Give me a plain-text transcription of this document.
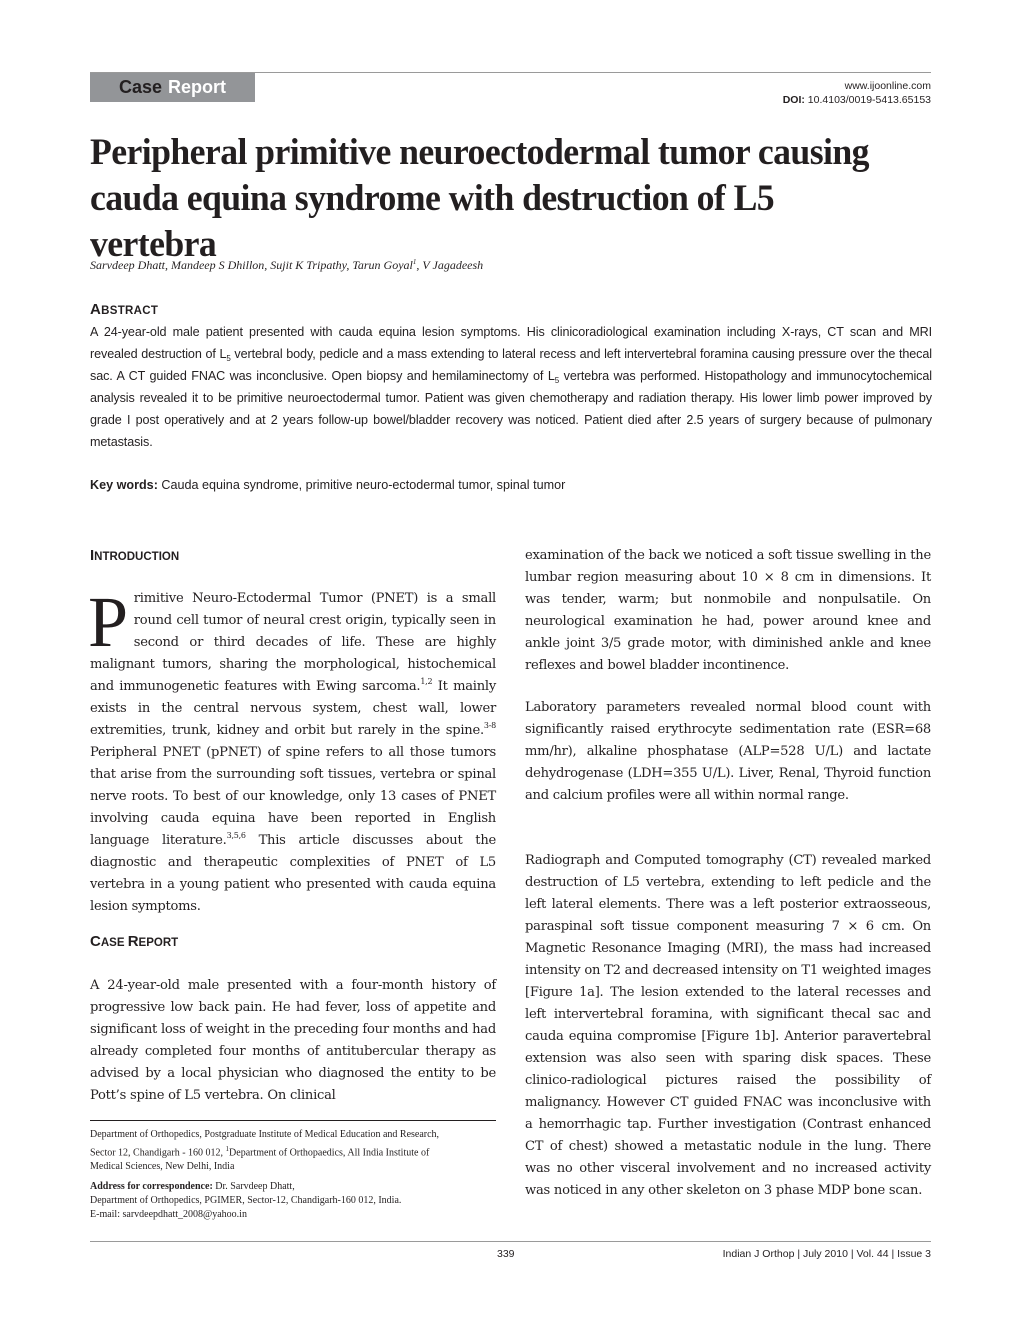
Case Report	www.ijoonline.com
DOI: 10.4103/0019-5413.65153
Peripheral primitive neuroectodermal tumor causing
cauda equina syndrome with destruction of L5 vertebra
Sarvdeep Dhatt, Mandeep S Dhillon, Sujit K Tripathy, Tarun Goyal$^1$, V Jagadeesh
ABSTRACT
A 24-year-old male patient presented with cauda equina lesion symptoms. His clinicoradiological examination including X-rays, CT scan and MRI revealed destruction of $L_5$ vertebral body, pedicle and a mass extending to lateral recess and left intervertebral foramina causing pressure over the thecal sac. A CT guided FNAC was inconclusive. Open biopsy and hemilaminectomy of $L_5$ vertebra was performed. Histopathology and immunocytochemical analysis revealed it to be primitive neuroectodermal tumor. Patient was given chemotherapy and radiation therapy. His lower limb power improved by grade I post operatively and at 2 years follow-up bowel/bladder recovery was noticed. Patient died after 2.5 years of surgery because of pulmonary metastasis.
Key words: Cauda equina syndrome, primitive neuro-ectodermal tumor, spinal tumor
INTRODUCTION

Primitive Neuro-Ectodermal Tumor (PNET) is a small round cell tumor of neural crest origin, typically seen in second or third decades of life. These are highly malignant tumors, sharing the morphological, histochemical and immunogenetic features with Ewing sarcoma.$^{1,2}$ It mainly exists in the central nervous system, chest wall, lower extremities, trunk, kidney and orbit but rarely in the spine.$^{3-8}$ Peripheral PNET (pPNET) of spine refers to all those tumors that arise from the surrounding soft tissues, vertebra or spinal nerve roots. To best of our knowledge, only 13 cases of PNET involving cauda equina have been reported in English language literature.$^{3,5,6}$ This article discusses about the diagnostic and therapeutic complexities of PNET of L5 vertebra in a young patient who presented with cauda equina lesion symptoms.

CASE REPORT

A 24-year-old male presented with a four-month history of progressive low back pain. He had fever, loss of appetite and significant loss of weight in the preceding four months and had already completed four months of antitubercular therapy as advised by a local physician who diagnosed the entity to be Pott’s spine of L5 vertebra. On clinical

Department of Orthopedics, Postgraduate Institute of Medical Education and Research, Sector 12, Chandigarh - 160 012, $^1$Department of Orthopaedics, All India Institute of Medical Sciences, New Delhi, India
Address for correspondence: Dr. Sarvdeep Dhatt,
Department of Orthopedics, PGIMER, Sector-12, Chandigarh-160 012, India.
E-mail: sarvdeepdhatt_2008@yahoo.in

examination of the back we noticed a soft tissue swelling in the lumbar region measuring about 10 × 8 cm in dimensions. It was tender, warm; but nonmobile and nonpulsatile. On neurological examination he had, power around knee and ankle joint 3/5 grade motor, with diminished ankle and knee reflexes and bowel bladder incontinence.

Laboratory parameters revealed normal blood count with significantly raised erythrocyte sedimentation rate (ESR=68 mm/hr), alkaline phosphatase (ALP=528 U/L) and lactate dehydrogenase (LDH=355 U/L). Liver, Renal, Thyroid function and calcium profiles were all within normal range.

Radiograph and Computed tomography (CT) revealed marked destruction of L5 vertebra, extending to left pedicle and the left lateral elements. There was a left posterior extraosseous, paraspinal soft tissue component measuring 7 × 6 cm. On Magnetic Resonance Imaging (MRI), the mass had increased intensity on T2 and decreased intensity on T1 weighted images [Figure 1a]. The lesion extended to the lateral recesses and left intervertebral foramina, with significant thecal sac and cauda equina compromise [Figure 1b]. Anterior paravertebral extension was also seen with sparing disk spaces. These clinico-radiological pictures raised the possibility of malignancy. However CT guided FNAC was inconclusive with a hemorrhagic tap. Further investigation (Contrast enhanced CT of chest) showed a metastatic nodule in the lung. There was no other visceral involvement and no increased activity was noticed in any other skeleton on 3 phase MDP bone scan.

339	Indian J Orthop | July 2010 | Vol. 44 | Issue 3
